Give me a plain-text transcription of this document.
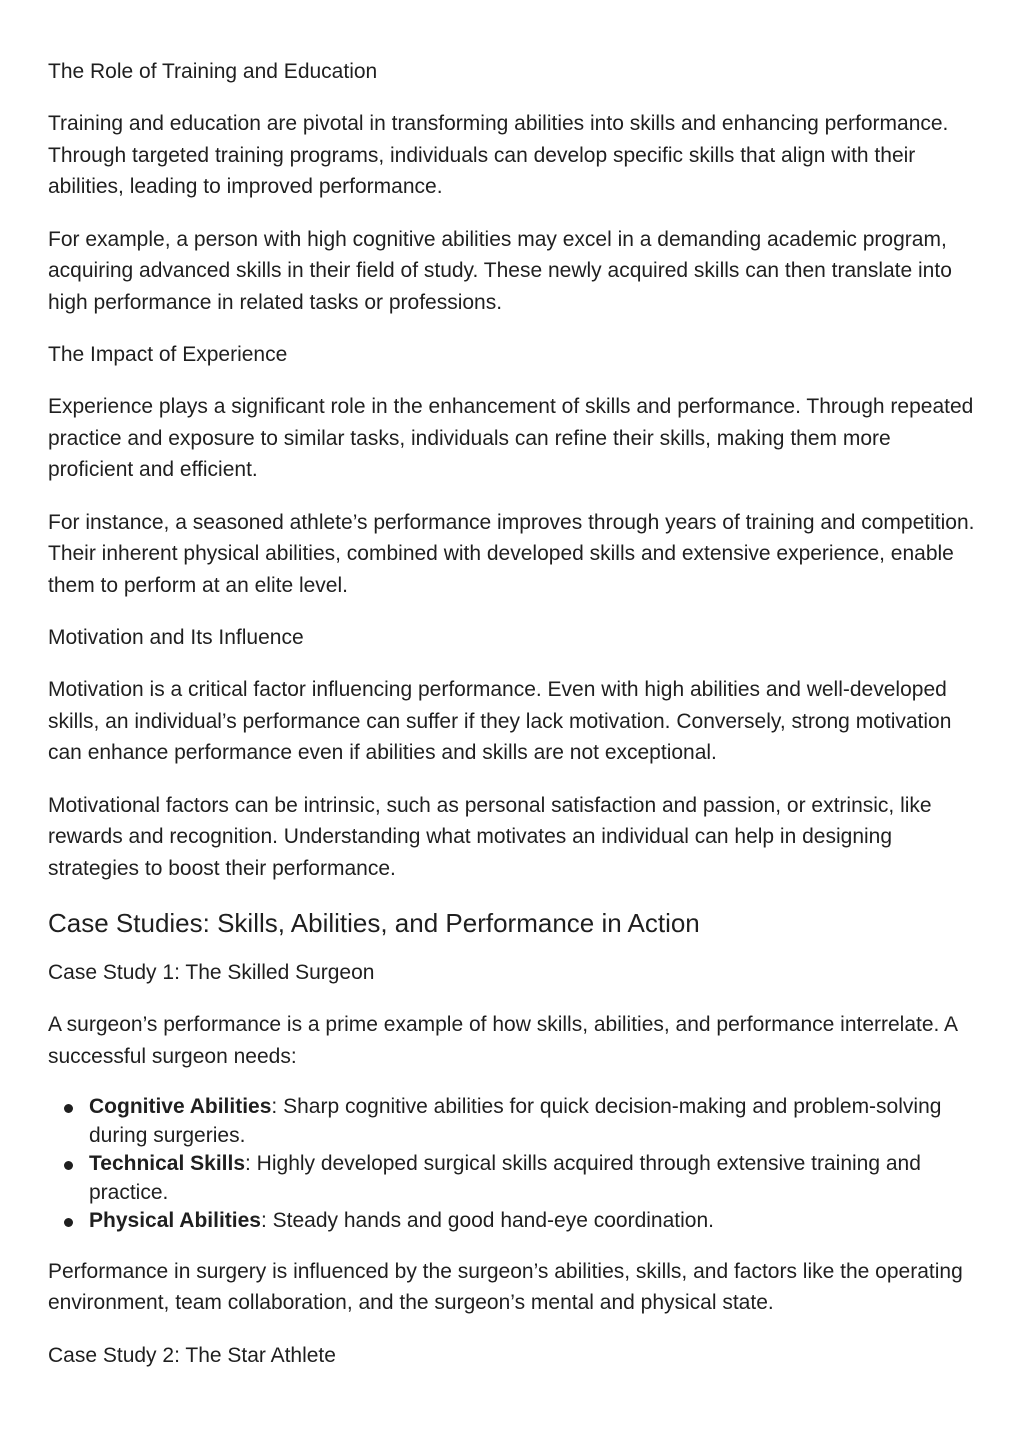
The Role of Training and Education

Training and education are pivotal in transforming abilities into skills and enhancing performance. Through targeted training programs, individuals can develop specific skills that align with their abilities, leading to improved performance.

For example, a person with high cognitive abilities may excel in a demanding academic program, acquiring advanced skills in their field of study. These newly acquired skills can then translate into high performance in related tasks or professions.

The Impact of Experience

Experience plays a significant role in the enhancement of skills and performance. Through repeated practice and exposure to similar tasks, individuals can refine their skills, making them more proficient and efficient.

For instance, a seasoned athlete’s performance improves through years of training and competition. Their inherent physical abilities, combined with developed skills and extensive experience, enable them to perform at an elite level.

Motivation and Its Influence

Motivation is a critical factor influencing performance. Even with high abilities and well-developed skills, an individual’s performance can suffer if they lack motivation. Conversely, strong motivation can enhance performance even if abilities and skills are not exceptional.

Motivational factors can be intrinsic, such as personal satisfaction and passion, or extrinsic, like rewards and recognition. Understanding what motivates an individual can help in designing strategies to boost their performance.

Case Studies: Skills, Abilities, and Performance in Action
Case Study 1: The Skilled Surgeon

A surgeon’s performance is a prime example of how skills, abilities, and performance interrelate. A successful surgeon needs:

Cognitive Abilities: Sharp cognitive abilities for quick decision-making and problem-solving during surgeries.
Technical Skills: Highly developed surgical skills acquired through extensive training and practice.
Physical Abilities: Steady hands and good hand-eye coordination.

Performance in surgery is influenced by the surgeon’s abilities, skills, and factors like the operating environment, team collaboration, and the surgeon’s mental and physical state.

Case Study 2: The Star Athlete
